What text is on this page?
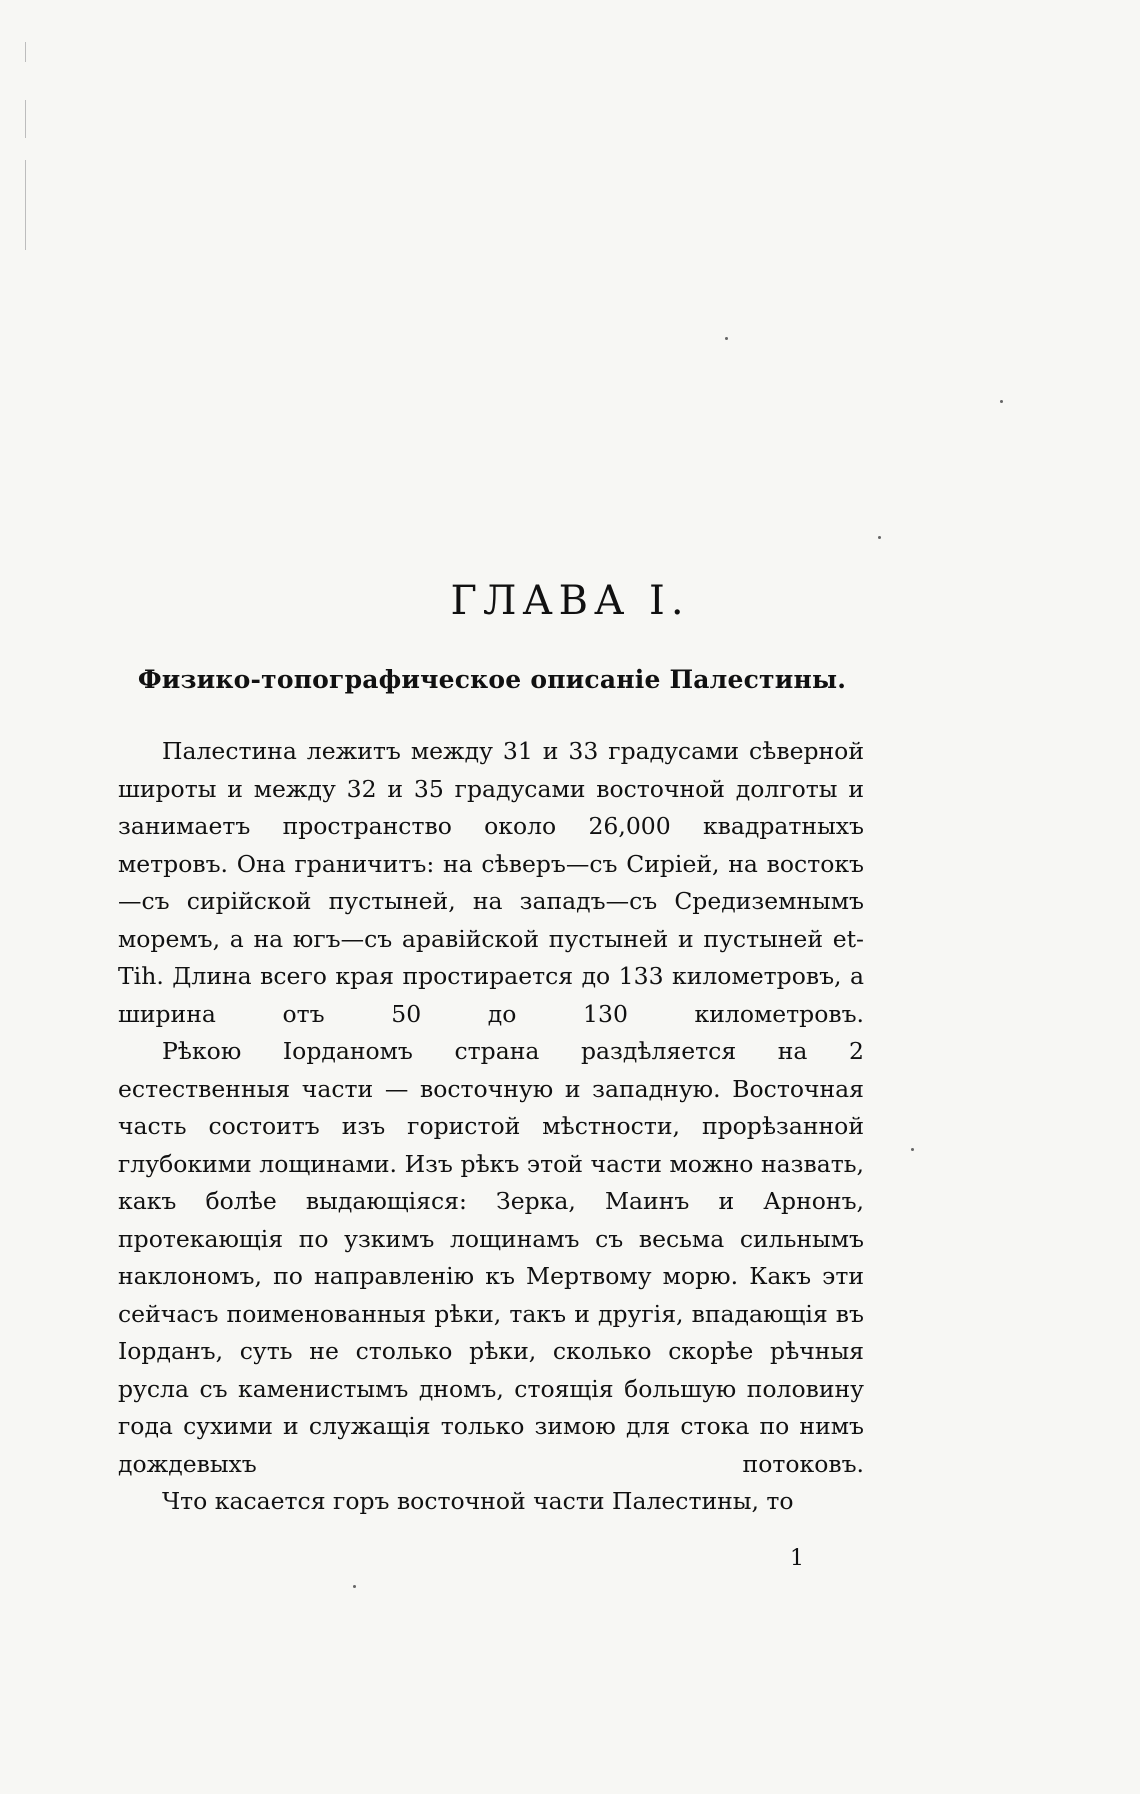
ГЛАВА I.
Физико-топографическое описаніе Палестины.

Палестина лежитъ между 31 и 33 градусами сѣверной широты и между 32 и 35 градусами восточной долготы и занимаетъ пространство около 26,000 квадратныхъ метровъ. Она граничитъ: на сѣверъ—съ Сиріей, на востокъ—съ сирійской пустыней, на западъ—съ Средиземнымъ моремъ, а на югъ—съ аравійской пустыней и пустыней et-Tih. Длина всего края простирается до 133 километровъ, а ширина отъ 50 до 130 километровъ.

Рѣкою Іорданомъ страна раздѣляется на 2 естественныя части — восточную и западную. Восточная часть состоитъ изъ гористой мѣстности, прорѣзанной глубокими лощинами. Изъ рѣкъ этой части можно назвать, какъ болѣе выдающіяся: Зерка, Маинъ и Арнонъ, протекающія по узкимъ лощинамъ съ весьма сильнымъ наклономъ, по направленію къ Мертвому морю. Какъ эти сейчасъ поименованныя рѣки, такъ и другія, впадающія въ Іорданъ, суть не столько рѣки, сколько скорѣе рѣчныя русла съ каменистымъ дномъ, стоящія большую половину года сухими и служащія только зимою для стока по нимъ дождевыхъ потоковъ.

Что касается горъ восточной части Палестины, то

1
